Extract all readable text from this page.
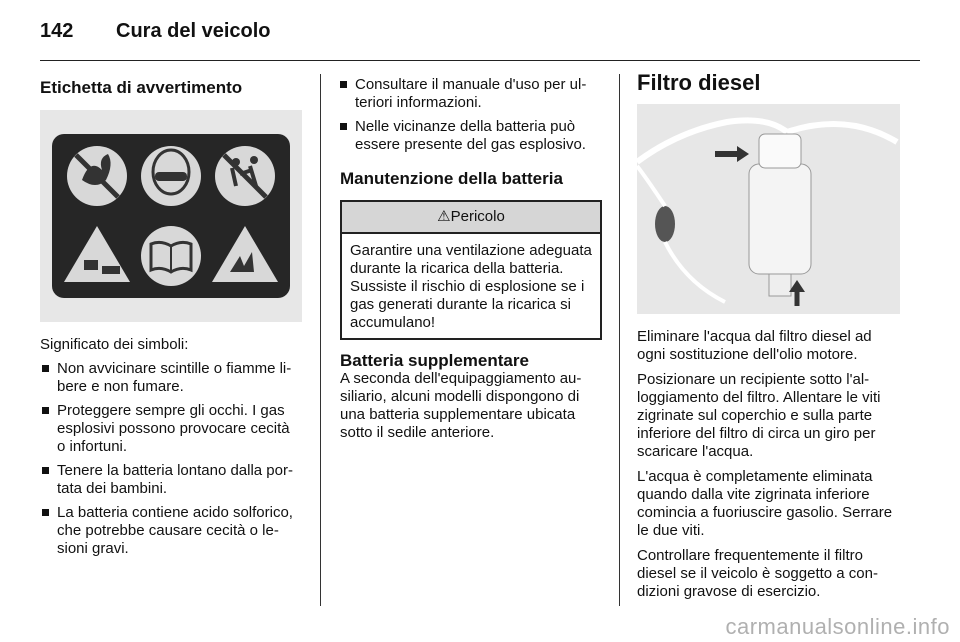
142 Cura del veicolo
Etichetta di avvertimento

Significato dei simboli:

Non avvicinare scintille o fiamme libere e non fumare.
Proteggere sempre gli occhi. I gas esplosivi possono provocare cecità o infortuni.
Tenere la batteria lontano dalla portata dei bambini.
La batteria contiene acido solforico, che potrebbe causare cecità o lesioni gravi.
Consultare il manuale d'uso per ulteriori informazioni.
Nelle vicinanze della batteria può essere presente del gas esplosivo.
Manutenzione della batteria
⚠Pericolo
Garantire una ventilazione adeguata durante la ricarica della batteria. Sussiste il rischio di esplosione se i gas generati durante la ricarica si accumulano!
Batteria supplementare

A seconda dell'equipaggiamento ausiliario, alcuni modelli dispongono di una batteria supplementare ubicata sotto il sedile anteriore.

Filtro diesel

Eliminare l'acqua dal filtro diesel ad ogni sostituzione dell'olio motore.

Posizionare un recipiente sotto l'alloggiamento del filtro. Allentare le viti zigrinate sul coperchio e sulla parte inferiore del filtro di circa un giro per scaricare l'acqua.

L'acqua è completamente eliminata quando dalla vite zigrinata inferiore comincia a fuoriuscire gasolio. Serrare le due viti.

Controllare frequentemente il filtro diesel se il veicolo è soggetto a condizioni gravose di esercizio.

carmanualsonline.info
